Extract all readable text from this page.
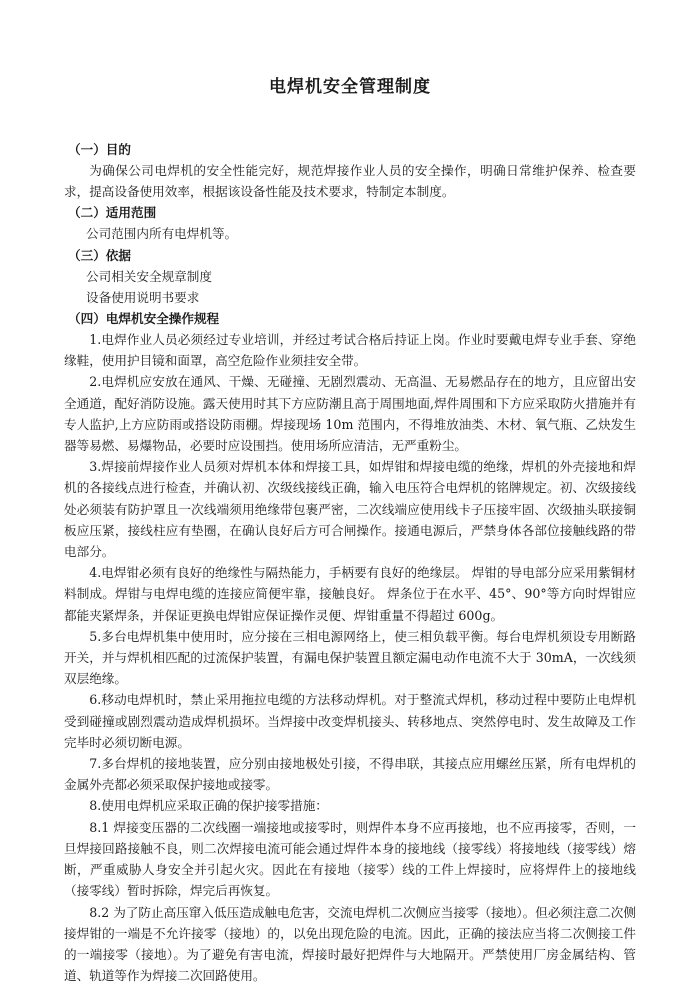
电焊机安全管理制度

（一）目的

为确保公司电焊机的安全性能完好，规范焊接作业人员的安全操作，明确日常维护保养、检查要求，提高设备使用效率，根据该设备性能及技术要求，特制定本制度。

（二）适用范围

公司范围内所有电焊机等。

（三）依据

公司相关安全规章制度

设备使用说明书要求

（四）电焊机安全操作规程

1.电焊作业人员必须经过专业培训，并经过考试合格后持证上岗。作业时要戴电焊专业手套、穿绝缘鞋，使用护目镜和面罩，高空危险作业须挂安全带。

2.电焊机应安放在通风、干燥、无碰撞、无剧烈震动、无高温、无易燃品存在的地方，且应留出安全通道，配好消防设施。露天使用时其下方应防潮且高于周围地面,焊件周围和下方应采取防火措施并有专人监护,上方应防雨或搭设防雨棚。焊接现场 10m 范围内，不得堆放油类、木材、氧气瓶、乙炔发生器等易燃、易爆物品，必要时应设围挡。使用场所应清洁，无严重粉尘。

3.焊接前焊接作业人员须对焊机本体和焊接工具，如焊钳和焊接电缆的绝缘，焊机的外壳接地和焊机的各接线点进行检查，并确认初、次级线接线正确，输入电压符合电焊机的铭牌规定。初、次级接线处必须装有防护罩且一次线端须用绝缘带包裹严密，二次线端应使用线卡子压接牢固、次级抽头联接铜板应压紧，接线柱应有垫圈，在确认良好后方可合闸操作。接通电源后，严禁身体各部位接触线路的带电部分。

4.电焊钳必须有良好的绝缘性与隔热能力，手柄要有良好的绝缘层。 焊钳的导电部分应采用紫铜材料制成。焊钳与电焊电缆的连接应简便牢靠，接触良好。 焊条位于在水平、45°、90°等方向时焊钳应都能夹紧焊条，并保证更换电焊钳应保证操作灵便、焊钳重量不得超过 600g。

5.多台电焊机集中使用时，应分接在三相电源网络上，使三相负载平衡。每台电焊机须设专用断路开关，并与焊机相匹配的过流保护装置，有漏电保护装置且额定漏电动作电流不大于 30mA，一次线须双层绝缘。

6.移动电焊机时，禁止采用拖拉电缆的方法移动焊机。对于整流式焊机，移动过程中要防止电焊机受到碰撞或剧烈震动造成焊机损坏。当焊接中改变焊机接头、转移地点、突然停电时、发生故障及工作完毕时必须切断电源。

7.多台焊机的接地装置，应分别由接地极处引接，不得串联，其接点应用螺丝压紧，所有电焊机的金属外壳都必须采取保护接地或接零。

8.使用电焊机应采取正确的保护接零措施：

8.1 焊接变压器的二次线圈一端接地或接零时，则焊件本身不应再接地，也不应再接零，否则，一旦焊接回路接触不良，则二次焊接电流可能会通过焊件本身的接地线（接零线）将接地线（接零线）熔断，严重威胁人身安全并引起火灾。因此在有接地（接零）线的工件上焊接时，应将焊件上的接地线（接零线）暂时拆除，焊完后再恢复。

8.2 为了防止高压窜入低压造成触电危害，交流电焊机二次侧应当接零（接地）。但必须注意二次侧接焊钳的一端是不允许接零（接地）的，以免出现危险的电流。因此，正确的接法应当将二次侧接工件的一端接零（接地）。为了避免有害电流，焊接时最好把焊件与大地隔开。严禁使用厂房金属结构、管道、轨道等作为焊接二次回路使用。
